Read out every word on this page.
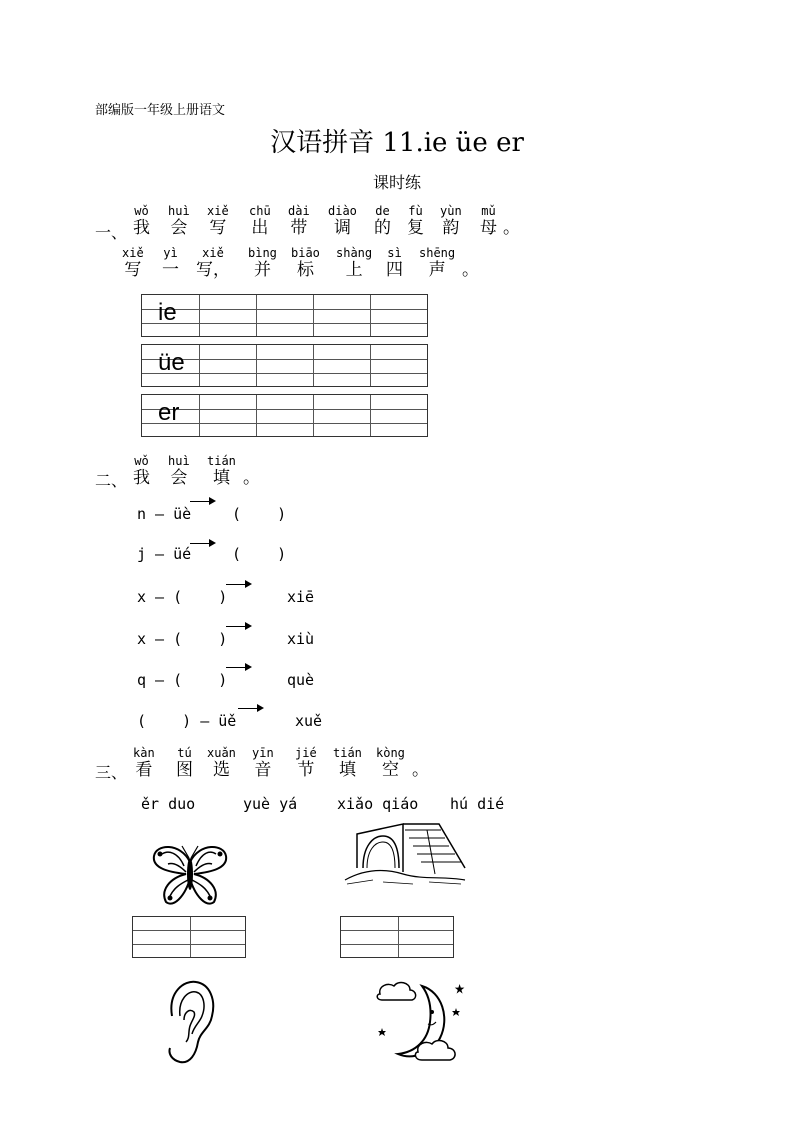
部编版一年级上册语文
汉语拼音 11.ie üe er
课时练
一、
wǒ
我
huì
会
xiě
写
chū
出
dài
带
diào
调
de
的
fù
复
yùn
韵
mǔ
母
。
xiě
写
yì
一
xiě
写，
bìng
并
biāo
标
shàng
上
sì
四
shēng
声
。
ie
üe
er
二、
wǒ
我
huì
会
tián
填
。
n — üè	(    )
j — üé	(    )
x — (    )	xiē
x — (    )	xiù
q — (    )	què
(    ) — üě	xuě
三、
kàn
看
tú
图
xuǎn
选
yīn
音
jié
节
tián
填
kòng
空
。
ěr duo	yuè yá	xiǎo qiáo hú dié
